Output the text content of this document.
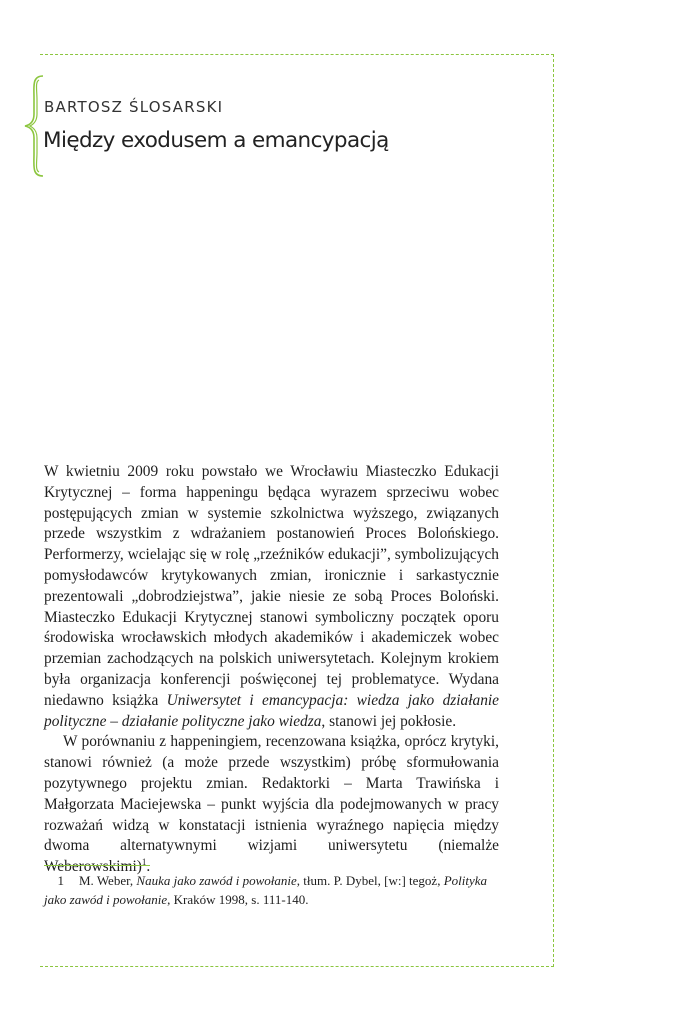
BARTOSZ ŚLOSARSKI
Między exodusem a emancypacją

W kwietniu 2009 roku powstało we Wrocławiu Miasteczko Edukacji Krytycznej – forma happeningu będąca wyrazem sprzeciwu wobec postępujących zmian w systemie szkolnictwa wyższego, związanych przede wszystkim z wdrażaniem postanowień Proces Bolońskiego. Performerzy, wcielając się w rolę „rzeźników edukacji”, symbolizujących pomysłodawców krytykowanych zmian, ironicznie i sarkastycznie prezentowali „dobrodziejstwa”, jakie niesie ze sobą Proces Boloński. Miasteczko Edukacji Krytycznej stanowi symboliczny początek oporu środowiska wrocławskich młodych akademików i akademiczek wobec przemian zachodzących na polskich uniwersytetach. Kolejnym krokiem była organizacja konferencji poświęconej tej problematyce. Wydana niedawno książka Uniwersytet i emancypacja: wiedza jako działanie polityczne – działanie polityczne jako wiedza, stanowi jej pokłosie.

W porównaniu z happeningiem, recenzowana książka, oprócz krytyki, stanowi również (a może przede wszystkim) próbę sformułowania pozytywnego projektu zmian. Redaktorki – Marta Trawińska i Małgorzata Maciejewska – punkt wyjścia dla podejmowanych w pracy rozważań widzą w konstatacji istnienia wyraźnego napięcia między dwoma alternatywnymi wizjami uniwersytetu (niemalże Weberowskimi)$^1$.

1 M. Weber, Nauka jako zawód i powołanie, tłum. P. Dybel, [w:] tegoż, Polityka jako zawód i powołanie, Kraków 1998, s. 111-140.
